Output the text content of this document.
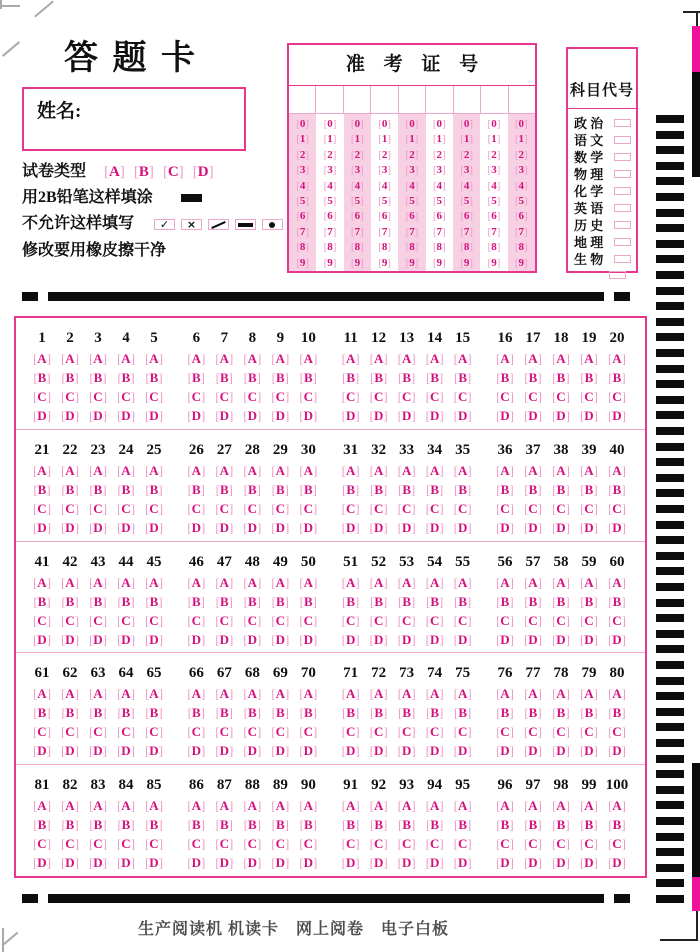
答 题 卡
姓名:
试卷类型 [A] [B] [C] [D]
用2B铅笔这样填涂
不允许这样填写	✓	×
修改要用橡皮擦干净
准 考 证 号
[0]
[1]
[2]
[3]
[4]
[5]
[6]
[7]
[8]
[9]
[0]
[1]
[2]
[3]
[4]
[5]
[6]
[7]
[8]
[9]
[0]
[1]
[2]
[3]
[4]
[5]
[6]
[7]
[8]
[9]
[0]
[1]
[2]
[3]
[4]
[5]
[6]
[7]
[8]
[9]
[0]
[1]
[2]
[3]
[4]
[5]
[6]
[7]
[8]
[9]
[0]
[1]
[2]
[3]
[4]
[5]
[6]
[7]
[8]
[9]
[0]
[1]
[2]
[3]
[4]
[5]
[6]
[7]
[8]
[9]
[0]
[1]
[2]
[3]
[4]
[5]
[6]
[7]
[8]
[9]
[0]
[1]
[2]
[3]
[4]
[5]
[6]
[7]
[8]
[9]
科目代号
政 治
语 文
数 学
物 理
化 学
英 语
历 史
地 理
生 物
1
[A]
[B]
[C]
[D]
2
[A]
[B]
[C]
[D]
3
[A]
[B]
[C]
[D]
4
[A]
[B]
[C]
[D]
5
[A]
[B]
[C]
[D]
6
[A]
[B]
[C]
[D]
7
[A]
[B]
[C]
[D]
8
[A]
[B]
[C]
[D]
9
[A]
[B]
[C]
[D]
10
[A]
[B]
[C]
[D]
11
[A]
[B]
[C]
[D]
12
[A]
[B]
[C]
[D]
13
[A]
[B]
[C]
[D]
14
[A]
[B]
[C]
[D]
15
[A]
[B]
[C]
[D]
16
[A]
[B]
[C]
[D]
17
[A]
[B]
[C]
[D]
18
[A]
[B]
[C]
[D]
19
[A]
[B]
[C]
[D]
20
[A]
[B]
[C]
[D]
21
[A]
[B]
[C]
[D]
22
[A]
[B]
[C]
[D]
23
[A]
[B]
[C]
[D]
24
[A]
[B]
[C]
[D]
25
[A]
[B]
[C]
[D]
26
[A]
[B]
[C]
[D]
27
[A]
[B]
[C]
[D]
28
[A]
[B]
[C]
[D]
29
[A]
[B]
[C]
[D]
30
[A]
[B]
[C]
[D]
31
[A]
[B]
[C]
[D]
32
[A]
[B]
[C]
[D]
33
[A]
[B]
[C]
[D]
34
[A]
[B]
[C]
[D]
35
[A]
[B]
[C]
[D]
36
[A]
[B]
[C]
[D]
37
[A]
[B]
[C]
[D]
38
[A]
[B]
[C]
[D]
39
[A]
[B]
[C]
[D]
40
[A]
[B]
[C]
[D]
41
[A]
[B]
[C]
[D]
42
[A]
[B]
[C]
[D]
43
[A]
[B]
[C]
[D]
44
[A]
[B]
[C]
[D]
45
[A]
[B]
[C]
[D]
46
[A]
[B]
[C]
[D]
47
[A]
[B]
[C]
[D]
48
[A]
[B]
[C]
[D]
49
[A]
[B]
[C]
[D]
50
[A]
[B]
[C]
[D]
51
[A]
[B]
[C]
[D]
52
[A]
[B]
[C]
[D]
53
[A]
[B]
[C]
[D]
54
[A]
[B]
[C]
[D]
55
[A]
[B]
[C]
[D]
56
[A]
[B]
[C]
[D]
57
[A]
[B]
[C]
[D]
58
[A]
[B]
[C]
[D]
59
[A]
[B]
[C]
[D]
60
[A]
[B]
[C]
[D]
61
[A]
[B]
[C]
[D]
62
[A]
[B]
[C]
[D]
63
[A]
[B]
[C]
[D]
64
[A]
[B]
[C]
[D]
65
[A]
[B]
[C]
[D]
66
[A]
[B]
[C]
[D]
67
[A]
[B]
[C]
[D]
68
[A]
[B]
[C]
[D]
69
[A]
[B]
[C]
[D]
70
[A]
[B]
[C]
[D]
71
[A]
[B]
[C]
[D]
72
[A]
[B]
[C]
[D]
73
[A]
[B]
[C]
[D]
74
[A]
[B]
[C]
[D]
75
[A]
[B]
[C]
[D]
76
[A]
[B]
[C]
[D]
77
[A]
[B]
[C]
[D]
78
[A]
[B]
[C]
[D]
79
[A]
[B]
[C]
[D]
80
[A]
[B]
[C]
[D]
81
[A]
[B]
[C]
[D]
82
[A]
[B]
[C]
[D]
83
[A]
[B]
[C]
[D]
84
[A]
[B]
[C]
[D]
85
[A]
[B]
[C]
[D]
86
[A]
[B]
[C]
[D]
87
[A]
[B]
[C]
[D]
88
[A]
[B]
[C]
[D]
89
[A]
[B]
[C]
[D]
90
[A]
[B]
[C]
[D]
91
[A]
[B]
[C]
[D]
92
[A]
[B]
[C]
[D]
93
[A]
[B]
[C]
[D]
94
[A]
[B]
[C]
[D]
95
[A]
[B]
[C]
[D]
96
[A]
[B]
[C]
[D]
97
[A]
[B]
[C]
[D]
98
[A]
[B]
[C]
[D]
99
[A]
[B]
[C]
[D]
100
[A]
[B]
[C]
[D]
生产阅读机 机读卡　网上阅卷　电子白板
